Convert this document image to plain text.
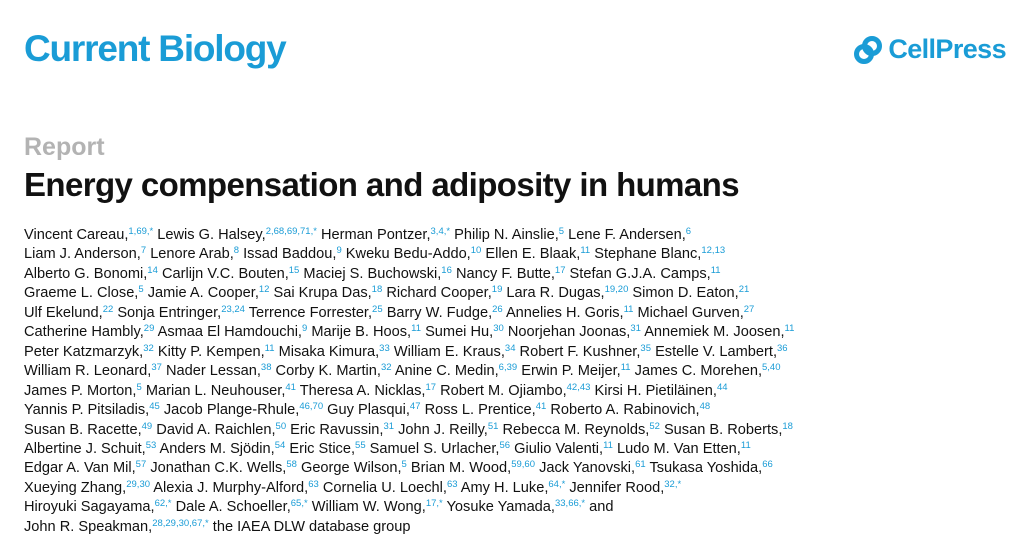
Current Biology	CellPress
Report
Energy compensation and adiposity in humans
Vincent Careau,$^{1,69,*}$ Lewis G. Halsey,$^{2,68,69,71,*}$ Herman Pontzer,$^{3,4,*}$ Philip N. Ainslie,$^5$ Lene F. Andersen,$^6$
Liam J. Anderson,$^7$ Lenore Arab,$^8$ Issad Baddou,$^9$ Kweku Bedu-Addo,$^{10}$ Ellen E. Blaak,$^{11}$ Stephane Blanc,$^{12,13}$
Alberto G. Bonomi,$^{14}$ Carlijn V.C. Bouten,$^{15}$ Maciej S. Buchowski,$^{16}$ Nancy F. Butte,$^{17}$ Stefan G.J.A. Camps,$^{11}$
Graeme L. Close,$^5$ Jamie A. Cooper,$^{12}$ Sai Krupa Das,$^{18}$ Richard Cooper,$^{19}$ Lara R. Dugas,$^{19,20}$ Simon D. Eaton,$^{21}$
Ulf Ekelund,$^{22}$ Sonja Entringer,$^{23,24}$ Terrence Forrester,$^{25}$ Barry W. Fudge,$^{26}$ Annelies H. Goris,$^{11}$ Michael Gurven,$^{27}$
Catherine Hambly,$^{29}$ Asmaa El Hamdouchi,$^9$ Marije B. Hoos,$^{11}$ Sumei Hu,$^{30}$ Noorjehan Joonas,$^{31}$ Annemiek M. Joosen,$^{11}$
Peter Katzmarzyk,$^{32}$ Kitty P. Kempen,$^{11}$ Misaka Kimura,$^{33}$ William E. Kraus,$^{34}$ Robert F. Kushner,$^{35}$ Estelle V. Lambert,$^{36}$
William R. Leonard,$^{37}$ Nader Lessan,$^{38}$ Corby K. Martin,$^{32}$ Anine C. Medin,$^{6,39}$ Erwin P. Meijer,$^{11}$ James C. Morehen,$^{5,40}$
James P. Morton,$^5$ Marian L. Neuhouser,$^{41}$ Theresa A. Nicklas,$^{17}$ Robert M. Ojiambo,$^{42,43}$ Kirsi H. Pietiläinen,$^{44}$
Yannis P. Pitsiladis,$^{45}$ Jacob Plange-Rhule,$^{46,70}$ Guy Plasqui,$^{47}$ Ross L. Prentice,$^{41}$ Roberto A. Rabinovich,$^{48}$
Susan B. Racette,$^{49}$ David A. Raichlen,$^{50}$ Eric Ravussin,$^{31}$ John J. Reilly,$^{51}$ Rebecca M. Reynolds,$^{52}$ Susan B. Roberts,$^{18}$
Albertine J. Schuit,$^{53}$ Anders M. Sjödin,$^{54}$ Eric Stice,$^{55}$ Samuel S. Urlacher,$^{56}$ Giulio Valenti,$^{11}$ Ludo M. Van Etten,$^{11}$
Edgar A. Van Mil,$^{57}$ Jonathan C.K. Wells,$^{58}$ George Wilson,$^5$ Brian M. Wood,$^{59,60}$ Jack Yanovski,$^{61}$ Tsukasa Yoshida,$^{66}$
Xueying Zhang,$^{29,30}$ Alexia J. Murphy-Alford,$^{63}$ Cornelia U. Loechl,$^{63}$ Amy H. Luke,$^{64,*}$ Jennifer Rood,$^{32,*}$
Hiroyuki Sagayama,$^{62,*}$ Dale A. Schoeller,$^{65,*}$ William W. Wong,$^{17,*}$ Yosuke Yamada,$^{33,66,*}$ and
John R. Speakman,$^{28,29,30,67,*}$ the IAEA DLW database group
